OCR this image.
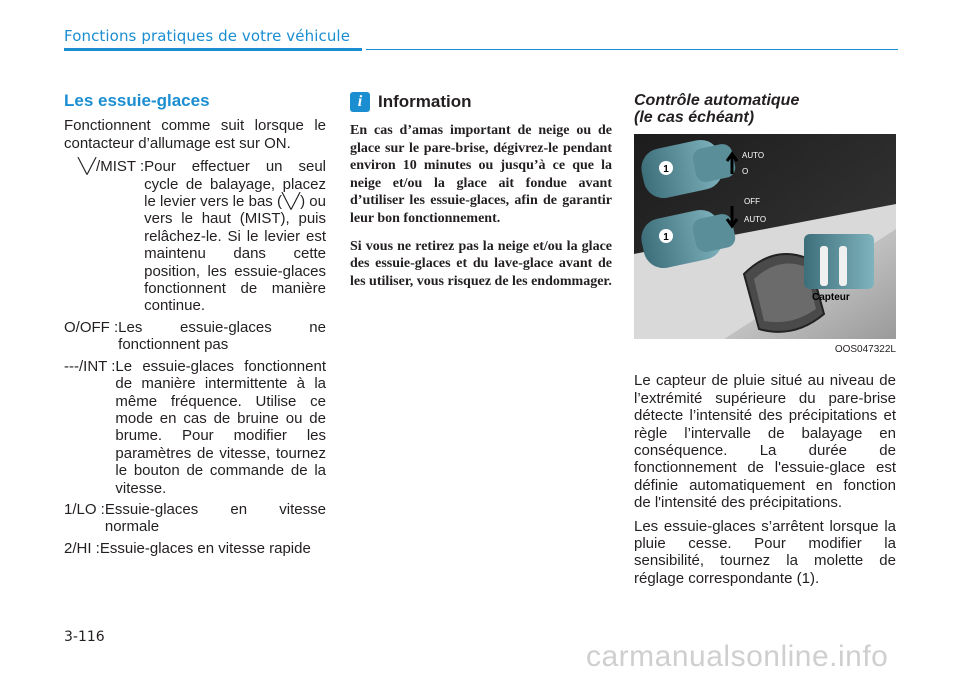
Fonctions pratiques de votre véhicule
Les essuie-glaces

Fonctionnent comme suit lorsque le contacteur d’allumage est sur ON.

╲╱/MIST : Pour effectuer un seul cycle de balayage, placez le levier vers le bas (╲╱) ou vers le haut (MIST), puis relâchez-le. Si le levier est maintenu dans cette position, les essuie-glaces fonctionnent de manière continue.
O/OFF : Les essuie-glaces ne fonctionnent pas
---/INT : Le essuie-glaces fonctionnent de manière intermittente à la même fréquence. Utilise ce mode en cas de bruine ou de brume. Pour modifier les paramètres de vitesse, tournez le bouton de commande de la vitesse.
1/LO : Essuie-glaces en vitesse normale
2/HI : Essuie-glaces en vitesse rapide
i Information

En cas d’amas important de neige ou de glace sur le pare-brise, dégivrez-le pendant environ 10 minutes ou jusqu’à ce que la neige et/ou la glace ait fondue avant d’utiliser les essuie-glaces, afin de garantir leur bon fonctionnement.

Si vous ne retirez pas la neige et/ou la glace des essuie-glaces et du lave-glace avant de les utiliser, vous risquez de les endommager.

Contrôle automatique
(le cas échéant)
1
1
AUTO
O
OFF
AUTO
Capteur
OOS047322L

Le capteur de pluie situé au niveau de l’extrémité supérieure du pare-brise détecte l’intensité des précipitations et règle l’intervalle de balayage en conséquence. La durée de fonctionnement de l'essuie-glace est définie automatiquement en fonction de l'intensité des précipitations.

Les essuie-glaces s’arrêtent lorsque la pluie cesse. Pour modifier la sensibilité, tournez la molette de réglage correspondante (1).

3-116
carmanualsonline.info
